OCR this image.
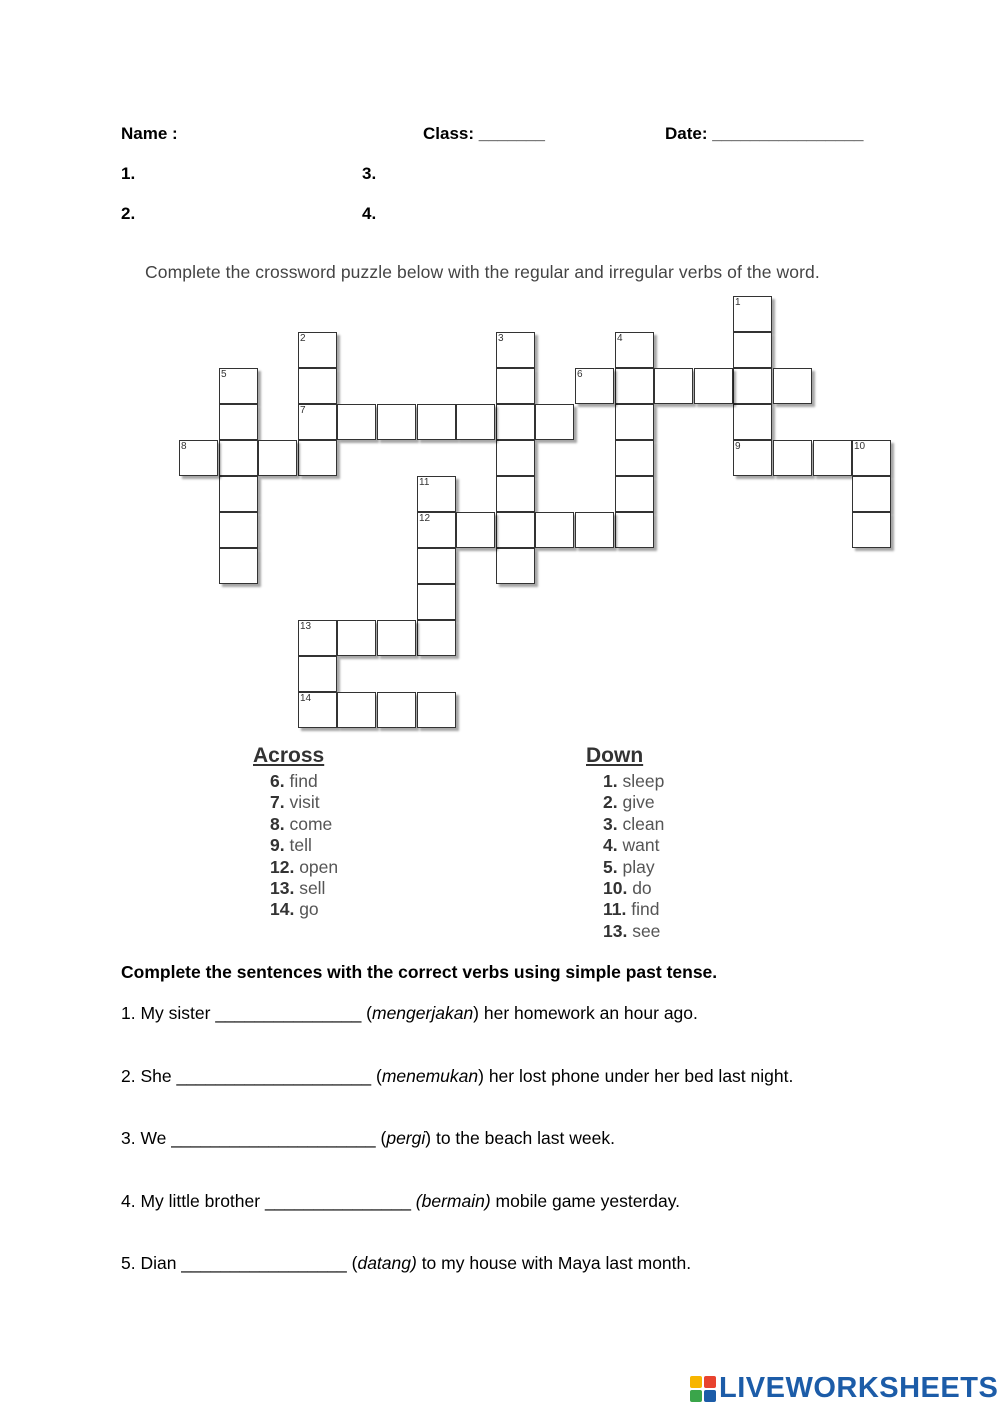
Name :	Class: _______	Date: ________________
1.	3.
2.	4.
Complete the crossword puzzle below with the regular and irregular verbs of the word.
1
9
2
7
3	4
5	6
8	10
11
12
13
14
Across
6. find
7. visit
8. come
9. tell
12. open
13. sell
14. go
Down
1. sleep
2. give
3. clean
4. want
5. play
10. do
11. find
13. see
Complete the sentences with the correct verbs using simple past tense.
1. My sister _______________ (mengerjakan) her homework an hour ago.
2. She ____________________ (menemukan) her lost phone under her bed last night.
3. We _____________________ (pergi) to the beach last week.
4. My little brother _______________ (bermain) mobile game yesterday.
5. Dian _________________ (datang) to my house with Maya last month.
LIVEWORKSHEETS
